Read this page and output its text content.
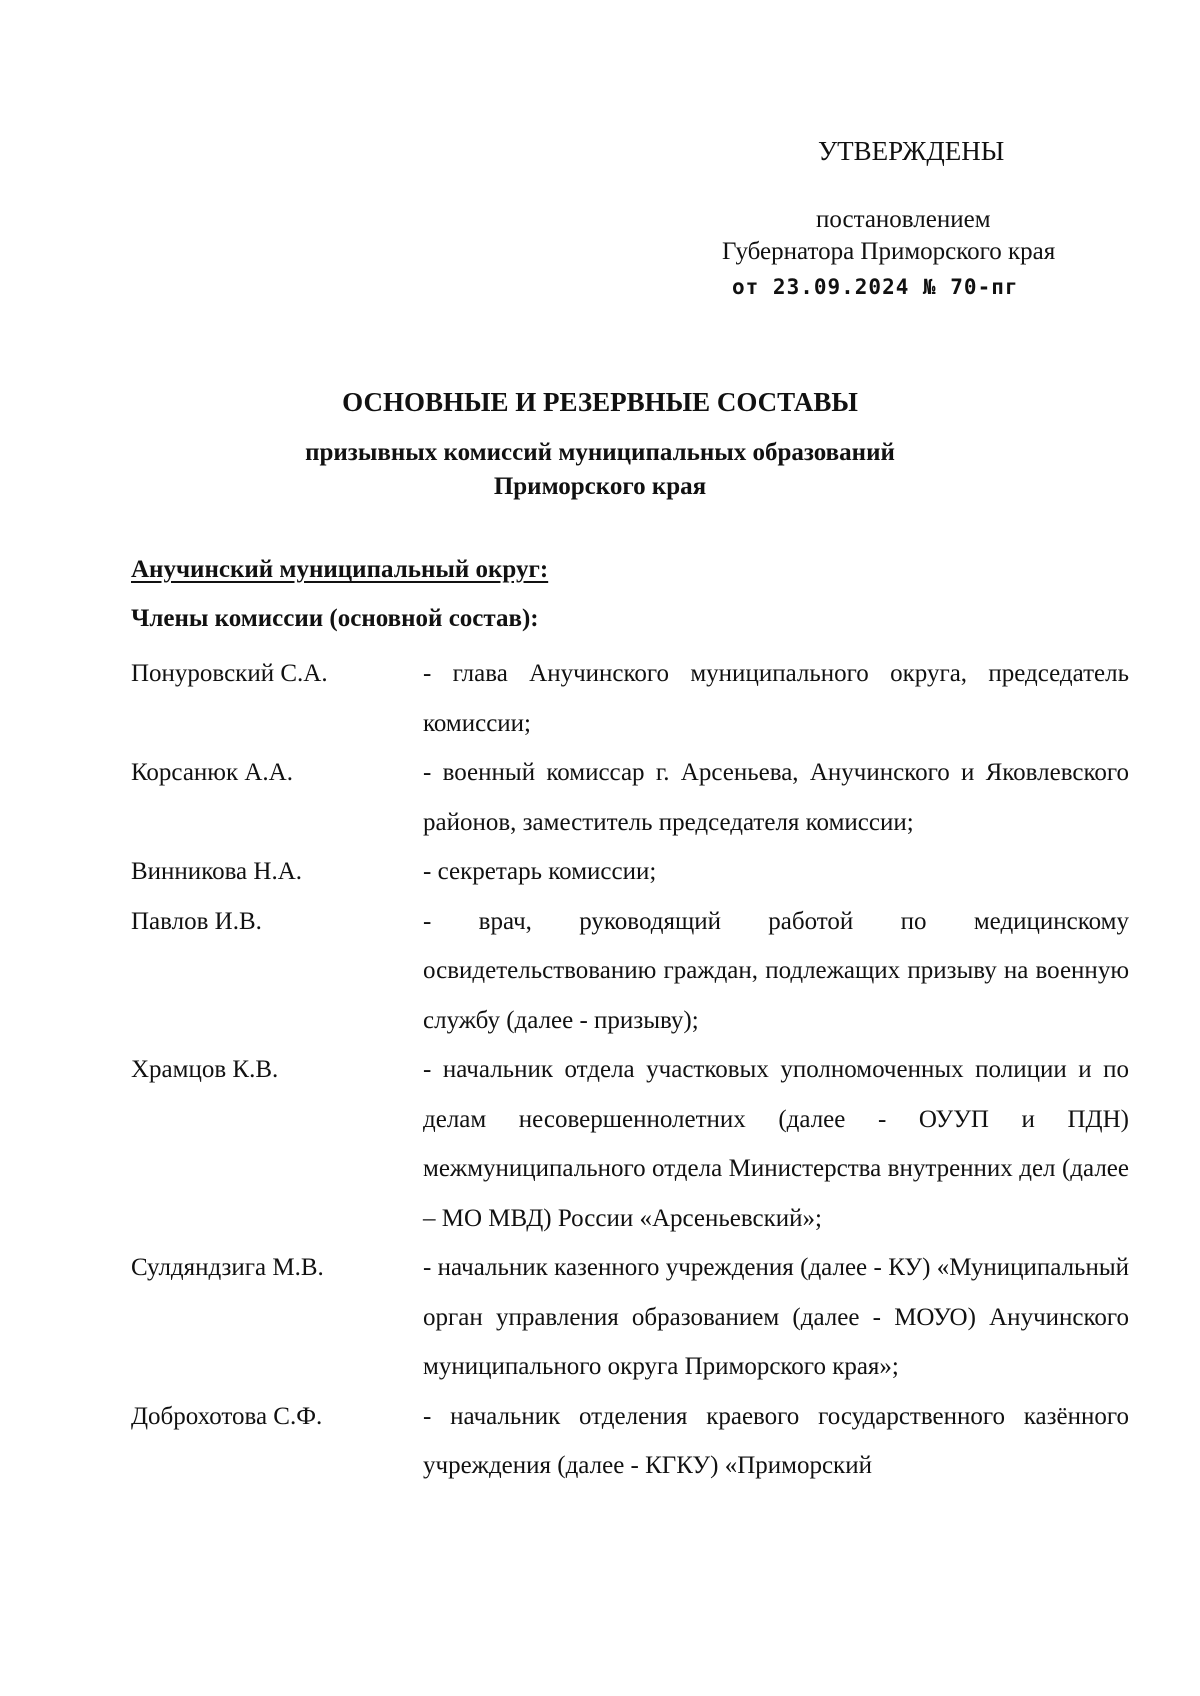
УТВЕРЖДЕНЫ
постановлением
Губернатора Приморского края
от 23.09.2024 № 70-пг
ОСНОВНЫЕ И РЕЗЕРВНЫЕ СОСТАВЫ
призывных комиссий муниципальных образований
Приморского края
Анучинский муниципальный округ:
Члены комиссии (основной состав):
Понуровский С.А.	- глава Анучинского муниципального округа, председатель комиссии;
Корсанюк А.А.	- военный комиссар г. Арсеньева, Анучинского и Яковлевского районов, заместитель председателя комиссии;
Винникова Н.А.	- секретарь комиссии;
Павлов И.В.	- врач, руководящий работой по медицинскому освидетельствованию граждан, подлежащих призыву на военную службу (далее - призыву);
Храмцов К.В.	- начальник отдела участковых уполномоченных полиции и по делам несовершеннолетних (далее - ОУУП и ПДН) межмуниципального отдела Министерства внутренних дел (далее – МО МВД) России «Арсеньевский»;
Сулдяндзига М.В.	- начальник казенного учреждения (далее - КУ) «Муниципальный орган управления образованием (далее - МОУО) Анучинского муниципального округа Приморского края»;
Доброхотова С.Ф.	- начальник отделения краевого государственного казённого учреждения (далее - КГКУ) «Приморский
